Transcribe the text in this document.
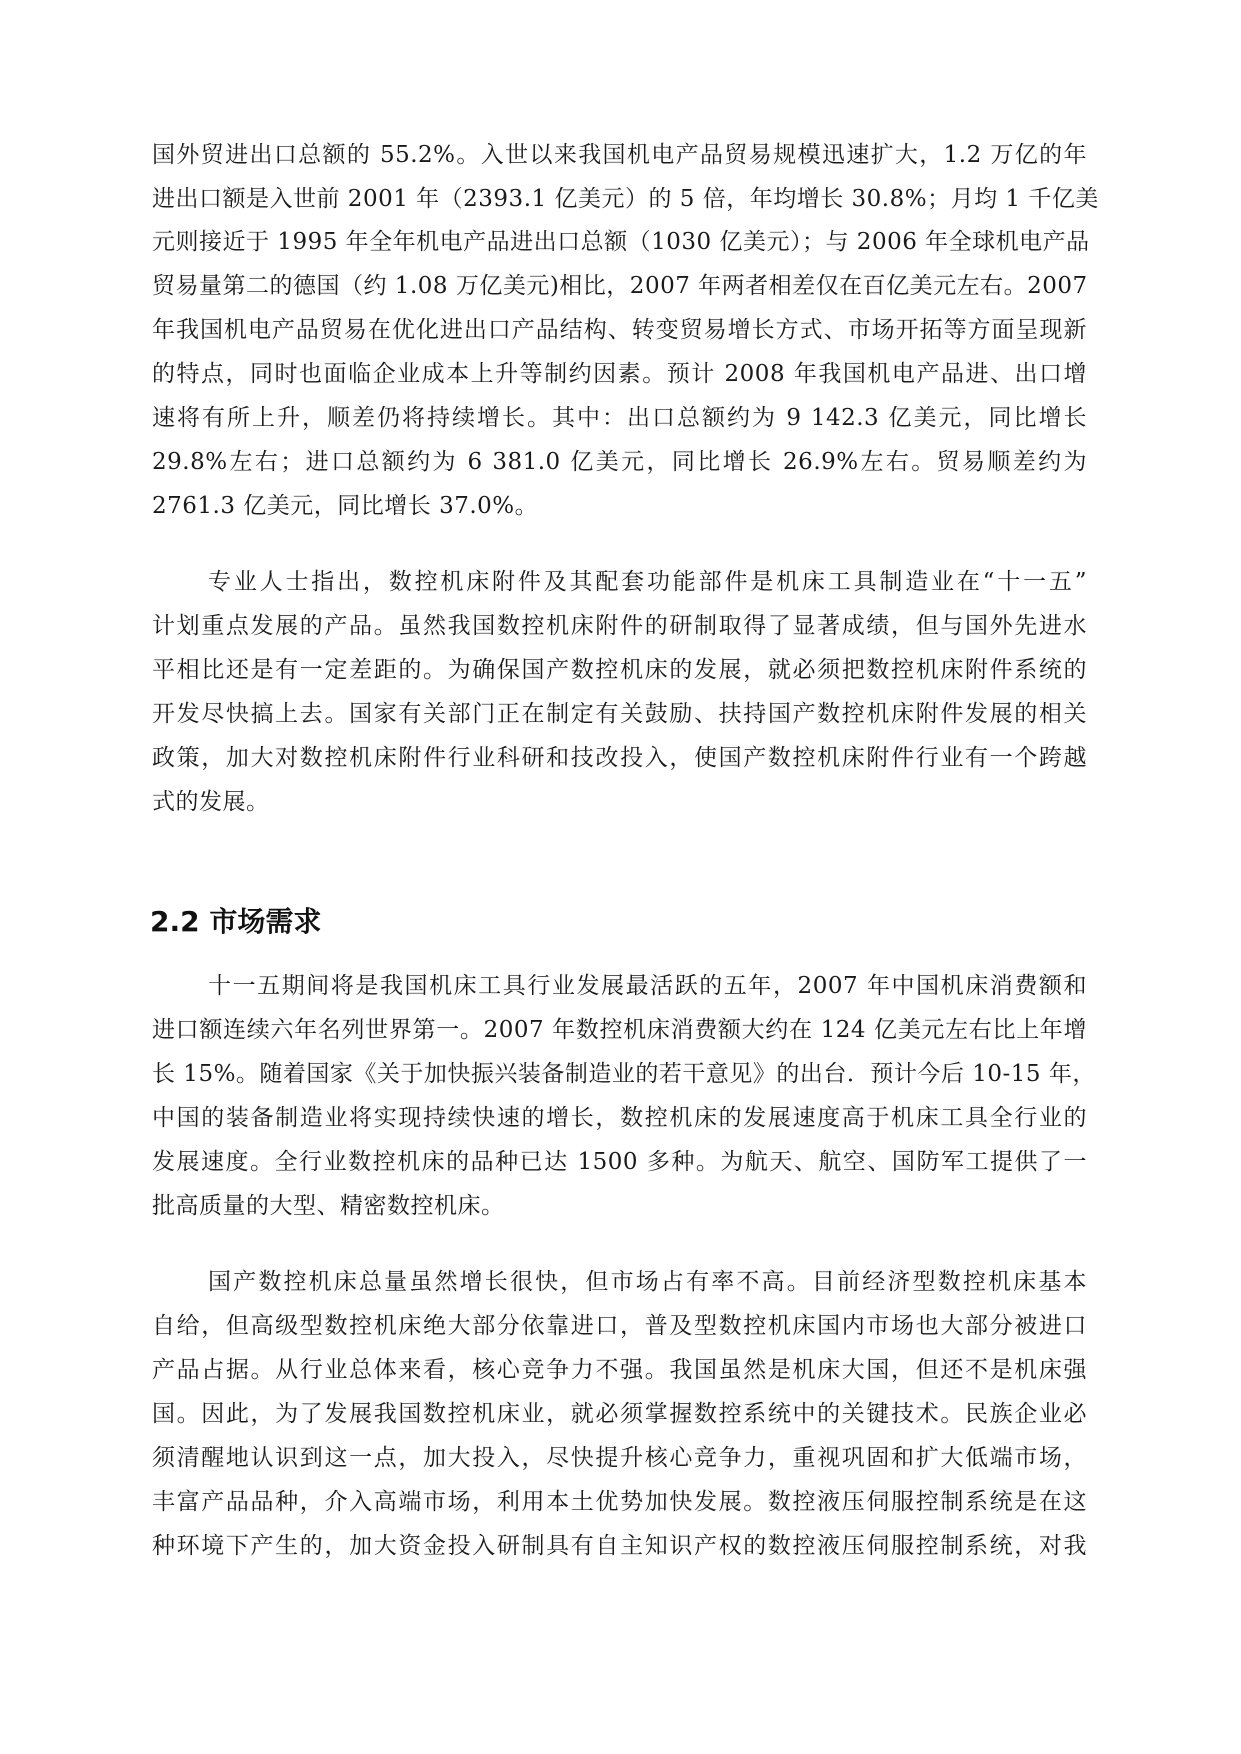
国外贸进出口总额的 55.2%。入世以来我国机电产品贸易规模迅速扩大，1.2 万亿的年
进出口额是入世前 2001 年（2393.1 亿美元）的 5 倍，年均增长 30.8%；月均 1 千亿美
元则接近于 1995 年全年机电产品进出口总额（1030 亿美元）；与 2006 年全球机电产品
贸易量第二的德国（约 1.08 万亿美元)相比，2007 年两者相差仅在百亿美元左右。2007
年我国机电产品贸易在优化进出口产品结构、转变贸易增长方式、市场开拓等方面呈现新
的特点，同时也面临企业成本上升等制约因素。预计 2008 年我国机电产品进、出口增
速将有所上升，顺差仍将持续增长。其中：出口总额约为 9 142.3 亿美元，同比增长
29.8%左右；进口总额约为 6 381.0 亿美元，同比增长 26.9%左右。贸易顺差约为
2761.3 亿美元，同比增长 37.0%。
专业人士指出，数控机床附件及其配套功能部件是机床工具制造业在“十一五”
计划重点发展的产品。虽然我国数控机床附件的研制取得了显著成绩，但与国外先进水
平相比还是有一定差距的。为确保国产数控机床的发展，就必须把数控机床附件系统的
开发尽快搞上去。国家有关部门正在制定有关鼓励、扶持国产数控机床附件发展的相关
政策，加大对数控机床附件行业科研和技改投入，使国产数控机床附件行业有一个跨越
式的发展。
2.2 市场需求
十一五期间将是我国机床工具行业发展最活跃的五年，2007 年中国机床消费额和
进口额连续六年名列世界第一。2007 年数控机床消费额大约在 124 亿美元左右比上年增
长 15%。随着国家《关于加快振兴装备制造业的若干意见》的出台．预计今后 10-15 年，
中国的装备制造业将实现持续快速的增长，数控机床的发展速度高于机床工具全行业的
发展速度。全行业数控机床的品种已达 1500 多种。为航天、航空、国防军工提供了一
批高质量的大型、精密数控机床。
国产数控机床总量虽然增长很快，但市场占有率不高。目前经济型数控机床基本
自给，但高级型数控机床绝大部分依靠进口，普及型数控机床国内市场也大部分被进口
产品占据。从行业总体来看，核心竞争力不强。我国虽然是机床大国，但还不是机床强
国。因此，为了发展我国数控机床业，就必须掌握数控系统中的关键技术。民族企业必
须清醒地认识到这一点，加大投入，尽快提升核心竞争力，重视巩固和扩大低端市场，
丰富产品品种，介入高端市场，利用本土优势加快发展。数控液压伺服控制系统是在这
种环境下产生的，加大资金投入研制具有自主知识产权的数控液压伺服控制系统，对我
